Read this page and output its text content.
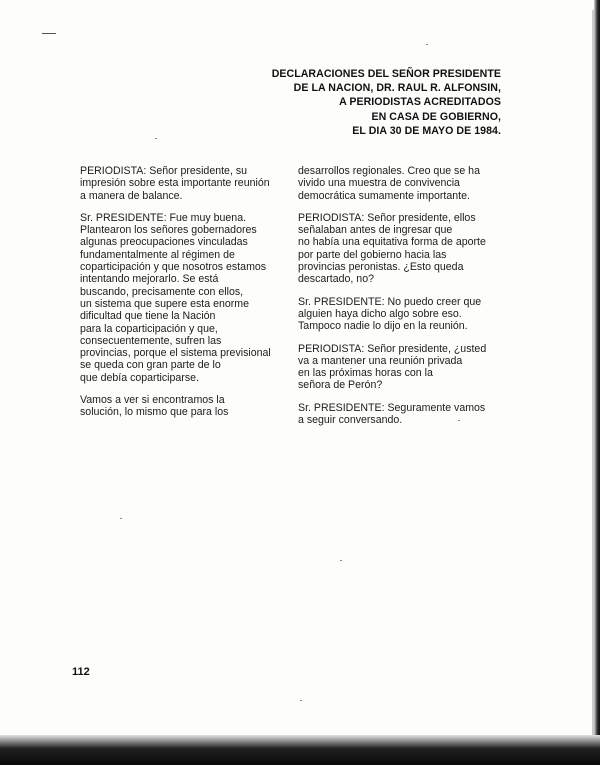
DECLARACIONES DEL SEÑOR PRESIDENTE
DE LA NACION, DR. RAUL R. ALFONSIN,
A PERIODISTAS ACREDITADOS
EN CASA DE GOBIERNO,
EL DIA 30 DE MAYO DE 1984.

PERIODISTA: Señor presidente, su
impresión sobre esta importante reunión
a manera de balance.

Sr. PRESIDENTE: Fue muy buena.
Plantearon los señores gobernadores
algunas preocupaciones vinculadas
fundamentalmente al régimen de
coparticipación y que nosotros estamos
intentando mejorarlo. Se está
buscando, precisamente con ellos,
un sistema que supere esta enorme
dificultad que tiene la Nación
para la coparticipación y que,
consecuentemente, sufren las
provincias, porque el sistema previsional
se queda con gran parte de lo
que debía coparticiparse.

Vamos a ver si encontramos la
solución, lo mismo que para los

desarrollos regionales. Creo que se ha
vivido una muestra de convivencia
democrática sumamente importante.

PERIODISTA: Señor presidente, ellos
señalaban antes de ingresar que
no había una equitativa forma de aporte
por parte del gobierno hacia las
provincias peronistas. ¿Esto queda
descartado, no?

Sr. PRESIDENTE: No puedo creer que
alguien haya dicho algo sobre eso.
Tampoco nadie lo dijo en la reunión.

PERIODISTA: Señor presidente, ¿usted
va a mantener una reunión privada
en las próximas horas con la
señora de Perón?

Sr. PRESIDENTE: Seguramente vamos
a seguir conversando.

112
